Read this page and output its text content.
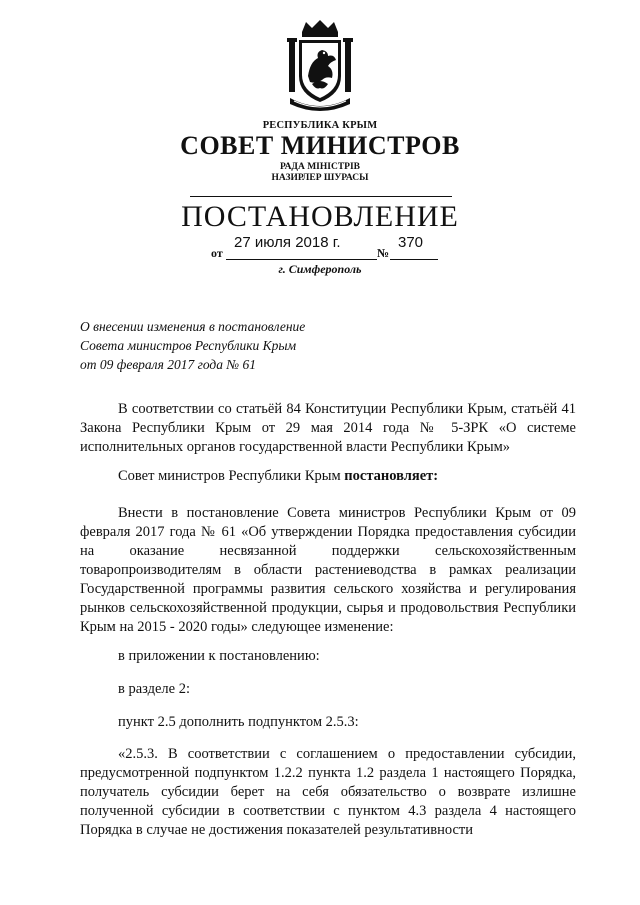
РЕСПУБЛИКА КРЫМ
СОВЕТ МИНИСТРОВ
РАДА МІНІСТРІВ
НАЗИРЛЕР ШУРАСЫ
ПОСТАНОВЛЕНИЕ
27 июля 2018 г.	370
от	№
г. Симферополь
О внесении изменения в постановление
Совета министров Республики Крым
от 09 февраля 2017 года № 61
В соответствии со статьёй 84 Конституции Республики Крым, статьёй 41 Закона Республики Крым от 29 мая 2014 года № 5-ЗРК «О системе исполнительных органов государственной власти Республики Крым»
Совет министров Республики Крым постановляет:
Внести в постановление Совета министров Республики Крым от 09 февраля 2017 года № 61 «Об утверждении Порядка предоставления субсидии на оказание несвязанной поддержки сельскохозяйственным товаропроизводителям в области растениеводства в рамках реализации Государственной программы развития сельского хозяйства и регулирования рынков сельскохозяйственной продукции, сырья и продовольствия Республики Крым на 2015 - 2020 годы» следующее изменение:
в приложении к постановлению:
в разделе 2:
пункт 2.5 дополнить подпунктом 2.5.3:
«2.5.3. В соответствии с соглашением о предоставлении субсидии, предусмотренной подпунктом 1.2.2 пункта 1.2 раздела 1 настоящего Порядка, получатель субсидии берет на себя обязательство о возврате излишне полученной субсидии в соответствии с пунктом 4.3 раздела 4 настоящего Порядка в случае не достижения показателей результативности
